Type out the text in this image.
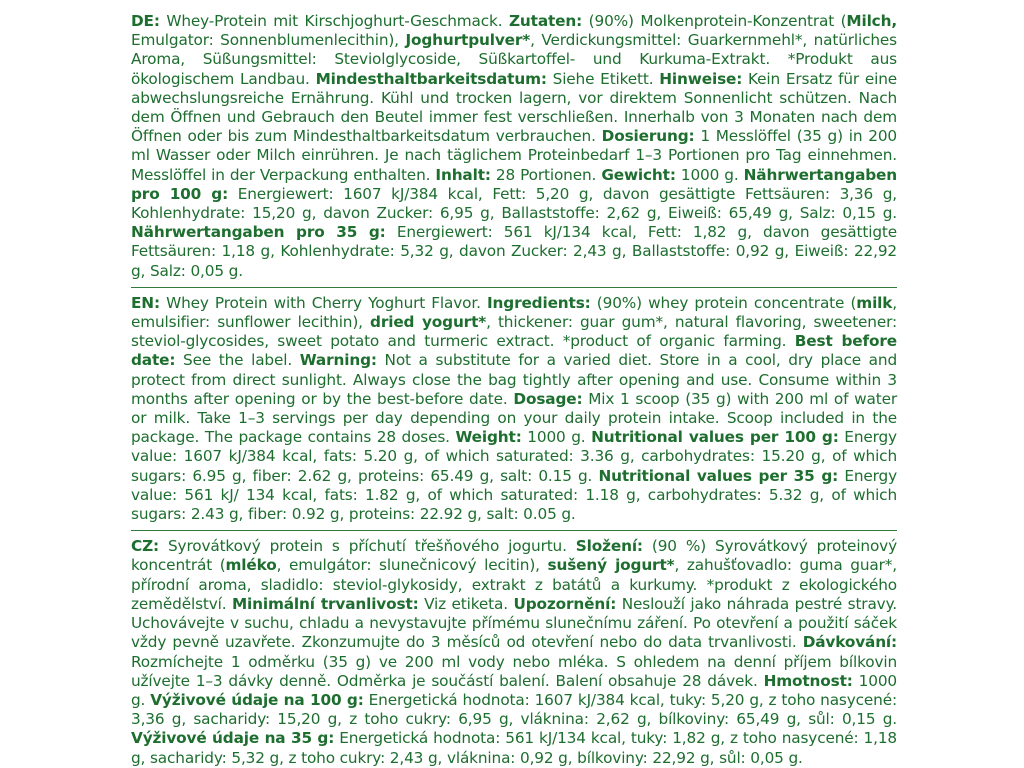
DE: Whey-Protein mit Kirschjoghurt-Geschmack. Zutaten: (90%) Molkenprotein-Konzentrat (Milch, Emulgator: Sonnenblumenlecithin), Joghurtpulver*, Verdickungsmittel: Guarkernmehl*, natürliches Aroma, Süßungsmittel: Steviolglycoside, Süßkartoffel- und Kurkuma-Extrakt. *Produkt aus ökologischem Landbau. Mindesthaltbarkeitsdatum: Siehe Etikett. Hinweise: Kein Ersatz für eine abwechslungsreiche Ernährung. Kühl und trocken lagern, vor direktem Sonnenlicht schützen. Nach dem Öffnen und Gebrauch den Beutel immer fest verschließen. Innerhalb von 3 Monaten nach dem Öffnen oder bis zum Mindesthaltbarkeitsdatum verbrauchen. Dosierung: 1 Messlöffel (35 g) in 200 ml Wasser oder Milch einrühren. Je nach täglichem Proteinbedarf 1–3 Portionen pro Tag einnehmen. Messlöffel in der Verpackung enthalten. Inhalt: 28 Portionen. Gewicht: 1000 g. Nährwertangaben pro 100 g: Energiewert: 1607 kJ/384 kcal, Fett: 5,20 g, davon gesättigte Fettsäuren: 3,36 g, Kohlenhydrate: 15,20 g, davon Zucker: 6,95 g, Ballaststoffe: 2,62 g, Eiweiß: 65,49 g, Salz: 0,15 g. Nährwertangaben pro 35 g: Energiewert: 561 kJ/134 kcal, Fett: 1,82 g, davon gesättigte Fettsäuren: 1,18 g, Kohlenhydrate: 5,32 g, davon Zucker: 2,43 g, Ballaststoffe: 0,92 g, Eiweiß: 22,92 g, Salz: 0,05 g.

EN: Whey Protein with Cherry Yoghurt Flavor. Ingredients: (90%) whey protein concentrate (milk, emulsifier: sunflower lecithin), dried yogurt*, thickener: guar gum*, natural flavoring, sweetener: steviol-glycosides, sweet potato and turmeric extract. *product of organic farming. Best before date: See the label. Warning: Not a substitute for a varied diet. Store in a cool, dry place and protect from direct sunlight. Always close the bag tightly after opening and use. Consume within 3 months after opening or by the best-before date. Dosage: Mix 1 scoop (35 g) with 200 ml of water or milk. Take 1–3 servings per day depending on your daily protein intake. Scoop included in the package. The package contains 28 doses. Weight: 1000 g. Nutritional values per 100 g: Energy value: 1607 kJ/384 kcal, fats: 5.20 g, of which saturated: 3.36 g, carbohydrates: 15.20 g, of which sugars: 6.95 g, fiber: 2.62 g, proteins: 65.49 g, salt: 0.15 g. Nutritional values per 35 g: Energy value: 561 kJ/ 134 kcal, fats: 1.82 g, of which saturated: 1.18 g, carbohydrates: 5.32 g, of which sugars: 2.43 g, fiber: 0.92 g, proteins: 22.92 g, salt: 0.05 g.

CZ: Syrovátkový protein s příchutí třešňového jogurtu. Složení: (90 %) Syrovátkový proteinový koncentrát (mléko, emulgátor: slunečnicový lecitin), sušený jogurt*, zahušťovadlo: guma guar*, přírodní aroma, sladidlo: steviol-glykosidy, extrakt z batátů a kurkumy. *produkt z ekologického zemědělství. Minimální trvanlivost: Viz etiketa. Upozornění: Neslouží jako náhrada pestré stravy. Uchovávejte v suchu, chladu a nevystavujte přímému slunečnímu záření. Po otevření a použití sáček vždy pevně uzavřete. Zkonzumujte do 3 měsíců od otevření nebo do data trvanlivosti. Dávkování: Rozmíchejte 1 odměrku (35 g) ve 200 ml vody nebo mléka. S ohledem na denní příjem bílkovin užívejte 1–3 dávky denně. Odměrka je součástí balení. Balení obsahuje 28 dávek. Hmotnost: 1000 g. Výživové údaje na 100 g: Energetická hodnota: 1607 kJ/384 kcal, tuky: 5,20 g, z toho nasycené: 3,36 g, sacharidy: 15,20 g, z toho cukry: 6,95 g, vláknina: 2,62 g, bílkoviny: 65,49 g, sůl: 0,15 g. Výživové údaje na 35 g: Energetická hodnota: 561 kJ/134 kcal, tuky: 1,82 g, z toho nasycené: 1,18 g, sacharidy: 5,32 g, z toho cukry: 2,43 g, vláknina: 0,92 g, bílkoviny: 22,92 g, sůl: 0,05 g.
